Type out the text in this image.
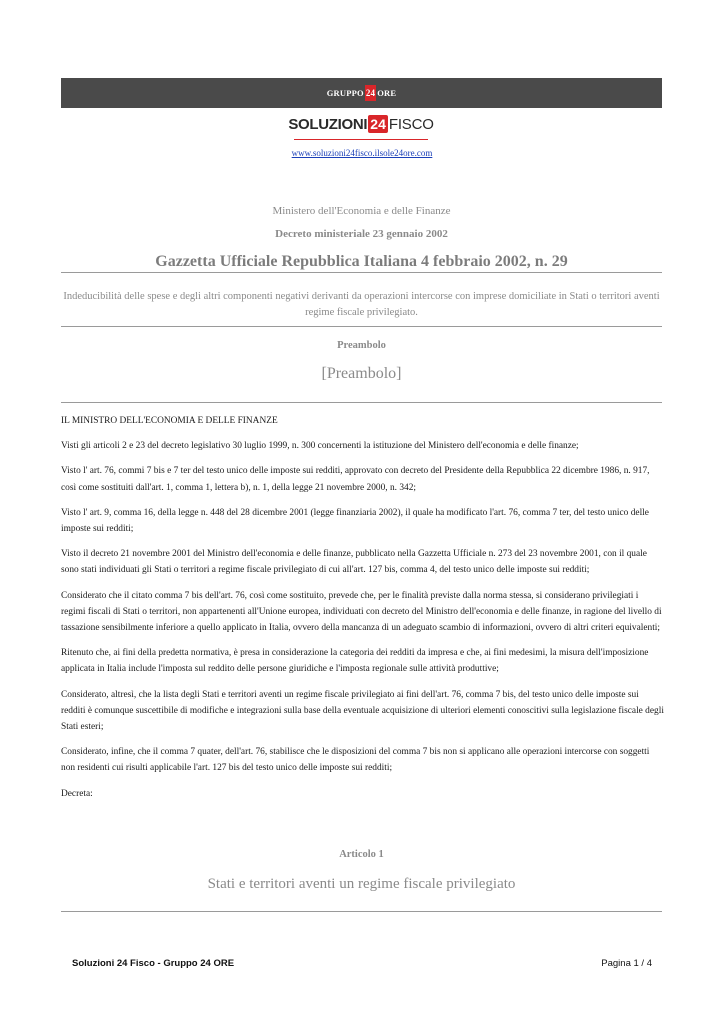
GRUPPO 24 ORE
SOLUZIONI 24 FISCO
www.soluzioni24fisco.ilsole24ore.com
Ministero dell'Economia e delle Finanze
Decreto ministeriale 23 gennaio 2002
Gazzetta Ufficiale Repubblica Italiana 4 febbraio 2002, n. 29
Indeducibilità delle spese e degli altri componenti negativi derivanti da operazioni intercorse con imprese domiciliate in Stati o territori aventi regime fiscale privilegiato.
Preambolo
[Preambolo]

IL MINISTRO DELL'ECONOMIA E DELLE FINANZE

Visti gli articoli 2 e 23 del decreto legislativo 30 luglio 1999, n. 300 concernenti la istituzione del Ministero dell'economia e delle finanze;

Visto l' art. 76, commi 7 bis e 7 ter del testo unico delle imposte sui redditi, approvato con decreto del Presidente della Repubblica 22 dicembre 1986, n. 917, così come sostituiti dall'art. 1, comma 1, lettera b), n. 1, della legge 21 novembre 2000, n. 342;

Visto l' art. 9, comma 16, della legge n. 448 del 28 dicembre 2001 (legge finanziaria 2002), il quale ha modificato l'art. 76, comma 7 ter, del testo unico delle imposte sui redditi;

Visto il decreto 21 novembre 2001 del Ministro dell'economia e delle finanze, pubblicato nella Gazzetta Ufficiale n. 273 del 23 novembre 2001, con il quale sono stati individuati gli Stati o territori a regime fiscale privilegiato di cui all'art. 127 bis, comma 4, del testo unico delle imposte sui redditi;

Considerato che il citato comma 7 bis dell'art. 76, così come sostituito, prevede che, per le finalità previste dalla norma stessa, si considerano privilegiati i regimi fiscali di Stati o territori, non appartenenti all'Unione europea, individuati con decreto del Ministro dell'economia e delle finanze, in ragione del livello di tassazione sensibilmente inferiore a quello applicato in Italia, ovvero della mancanza di un adeguato scambio di informazioni, ovvero di altri criteri equivalenti;

Ritenuto che, ai fini della predetta normativa, è presa in considerazione la categoria dei redditi da impresa e che, ai fini medesimi, la misura dell'imposizione applicata in Italia include l'imposta sul reddito delle persone giuridiche e l'imposta regionale sulle attività produttive;

Considerato, altresì, che la lista degli Stati e territori aventi un regime fiscale privilegiato ai fini dell'art. 76, comma 7 bis, del testo unico delle imposte sui redditi è comunque suscettibile di modifiche e integrazioni sulla base della eventuale acquisizione di ulteriori elementi conoscitivi sulla legislazione fiscale degli Stati esteri;

Considerato, infine, che il comma 7 quater, dell'art. 76, stabilisce che le disposizioni del comma 7 bis non si applicano alle operazioni intercorse con soggetti non residenti cui risulti applicabile l'art. 127 bis del testo unico delle imposte sui redditi;

Decreta:

Articolo 1
Stati e territori aventi un regime fiscale privilegiato
Soluzioni 24 Fisco - Gruppo 24 ORE	Pagina 1 / 4
